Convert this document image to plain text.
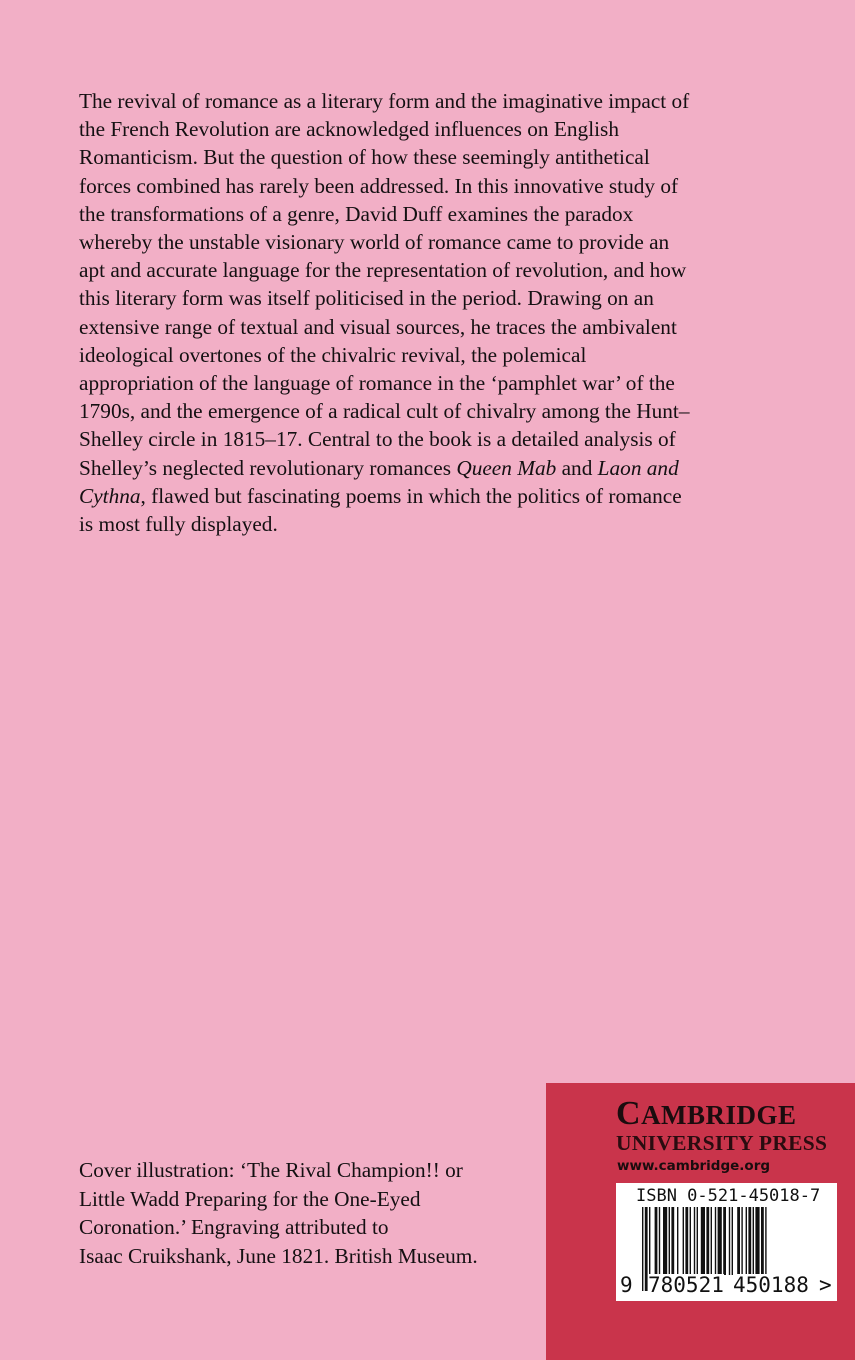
The revival of romance as a literary form and the imaginative impact of
the French Revolution are acknowledged influences on English
Romanticism. But the question of how these seemingly antithetical
forces combined has rarely been addressed. In this innovative study of
the transformations of a genre, David Duff examines the paradox
whereby the unstable visionary world of romance came to provide an
apt and accurate language for the representation of revolution, and how
this literary form was itself politicised in the period. Drawing on an
extensive range of textual and visual sources, he traces the ambivalent
ideological overtones of the chivalric revival, the polemical
appropriation of the language of romance in the ‘pamphlet war’ of the
1790s, and the emergence of a radical cult of chivalry among the Hunt–
Shelley circle in 1815–17. Central to the book is a detailed analysis of
Shelley’s neglected revolutionary romances Queen Mab and Laon and
Cythna, flawed but fascinating poems in which the politics of romance
is most fully displayed.
Cover illustration: ‘The Rival Champion!! or
Little Wadd Preparing for the One-Eyed
Coronation.’ Engraving attributed to
Isaac Cruikshank, June 1821. British Museum.
CAMBRIDGE
UNIVERSITY PRESS
www.cambridge.org
ISBN 0-521-45018-7
9 780521 450188 >
